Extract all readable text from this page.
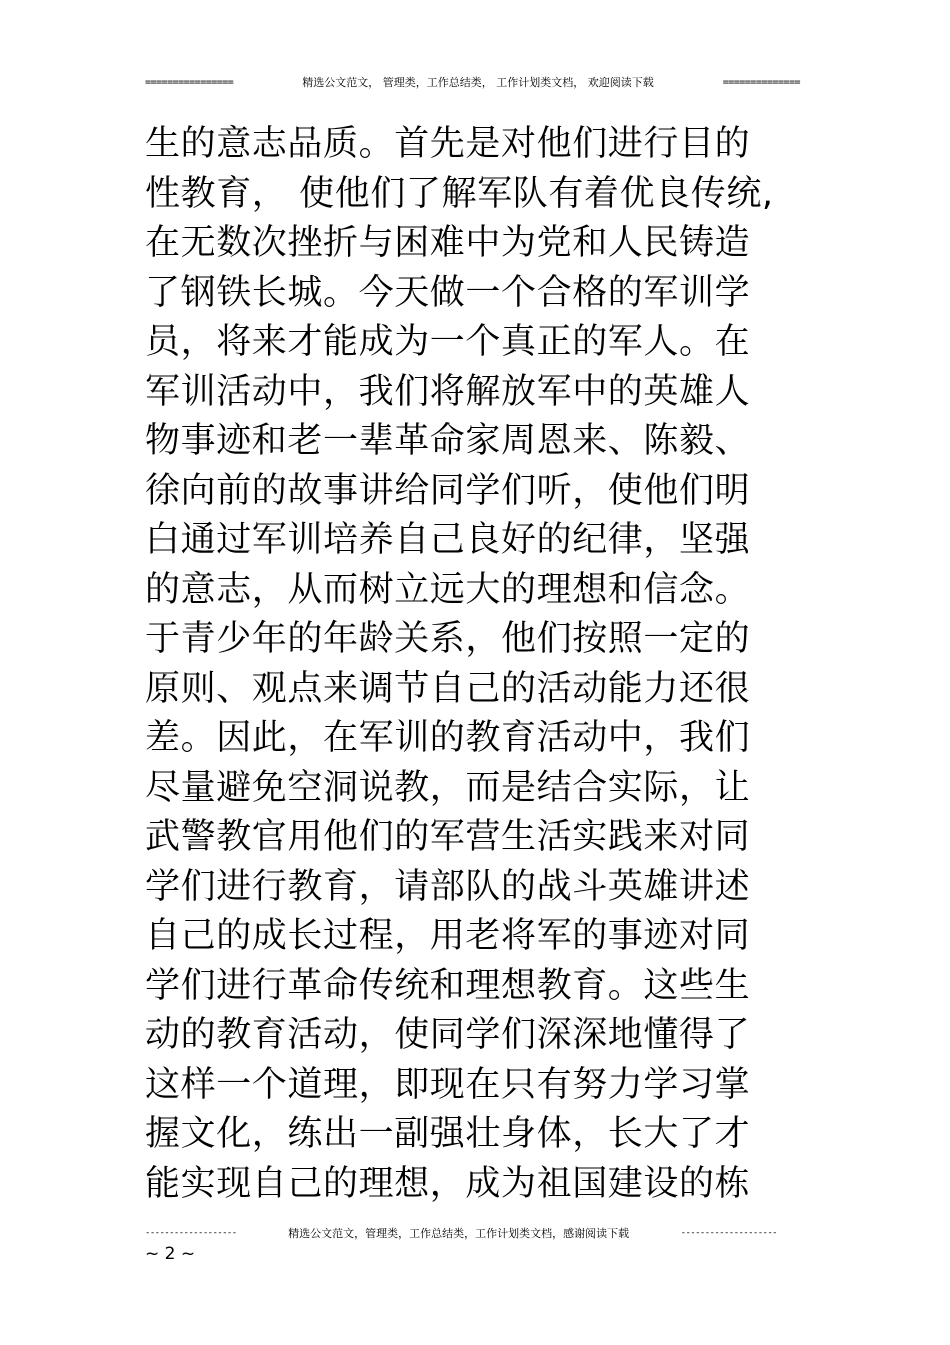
================	精选公文范文， 管理类，工作总结类， 工作计划类文档， 欢迎阅读下载	==============
生的意志品质。首先是对他们进行目的
性教育， 使他们了解军队有着优良传统,
在无数次挫折与困难中为党和人民铸造
了钢铁长城。今天做一个合格的军训学
员，将来才能成为一个真正的军人。在
军训活动中，我们将解放军中的英雄人
物事迹和老一辈革命家周恩来、陈毅、
徐向前的故事讲给同学们听，使他们明
白通过军训培养自己良好的纪律，坚强
的意志，从而树立远大的理想和信念。
于青少年的年龄关系，他们按照一定的
原则、观点来调节自己的活动能力还很
差。因此，在军训的教育活动中，我们
尽量避免空洞说教，而是结合实际，让
武警教官用他们的军营生活实践来对同
学们进行教育，请部队的战斗英雄讲述
自己的成长过程，用老将军的事迹对同
学们进行革命传统和理想教育。这些生
动的教育活动，使同学们深深地懂得了
这样一个道理，即现在只有努力学习掌
握文化，练出一副强壮身体，长大了才
能实现自己的理想，成为祖国建设的栋
-------------------	精选公文范文，管理类，工作总结类，工作计划类文档，感谢阅读下载	--------------------
~ 2 ~
